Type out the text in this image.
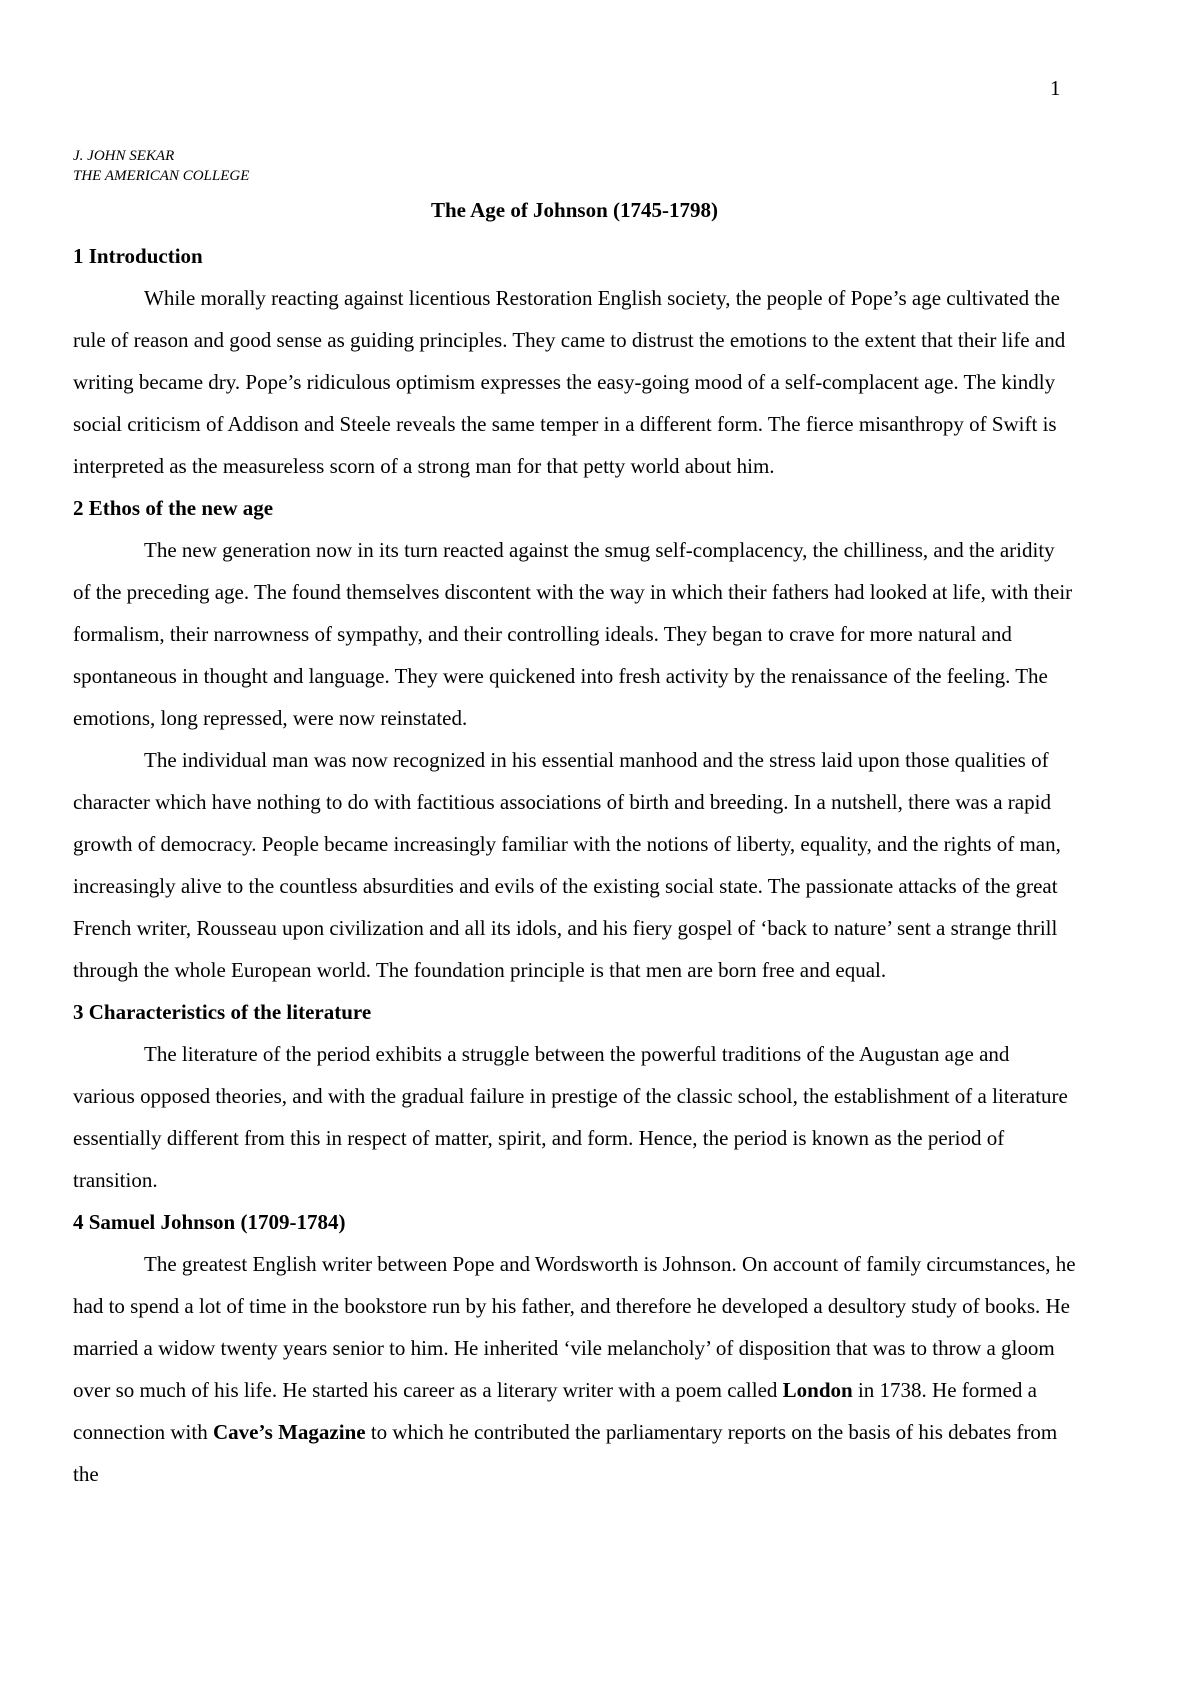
1
J. JOHN SEKAR
THE AMERICAN COLLEGE

The Age of Johnson (1745-1798)

1 Introduction

While morally reacting against licentious Restoration English society, the people of Pope’s age cultivated the rule of reason and good sense as guiding principles. They came to distrust the emotions to the extent that their life and writing became dry. Pope’s ridiculous optimism expresses the easy-going mood of a self-complacent age. The kindly social criticism of Addison and Steele reveals the same temper in a different form. The fierce misanthropy of Swift is interpreted as the measureless scorn of a strong man for that petty world about him.

2 Ethos of the new age

The new generation now in its turn reacted against the smug self-complacency, the chilliness, and the aridity of the preceding age. The found themselves discontent with the way in which their fathers had looked at life, with their formalism, their narrowness of sympathy, and their controlling ideals. They began to crave for more natural and spontaneous in thought and language. They were quickened into fresh activity by the renaissance of the feeling. The emotions, long repressed, were now reinstated.

The individual man was now recognized in his essential manhood and the stress laid upon those qualities of character which have nothing to do with factitious associations of birth and breeding. In a nutshell, there was a rapid growth of democracy. People became increasingly familiar with the notions of liberty, equality, and the rights of man, increasingly alive to the countless absurdities and evils of the existing social state. The passionate attacks of the great French writer, Rousseau upon civilization and all its idols, and his fiery gospel of ‘back to nature’ sent a strange thrill through the whole European world. The foundation principle is that men are born free and equal.

3 Characteristics of the literature

The literature of the period exhibits a struggle between the powerful traditions of the Augustan age and various opposed theories, and with the gradual failure in prestige of the classic school, the establishment of a literature essentially different from this in respect of matter, spirit, and form. Hence, the period is known as the period of transition.

4 Samuel Johnson (1709-1784)

The greatest English writer between Pope and Wordsworth is Johnson. On account of family circumstances, he had to spend a lot of time in the bookstore run by his father, and therefore he developed a desultory study of books. He married a widow twenty years senior to him. He inherited ‘vile melancholy’ of disposition that was to throw a gloom over so much of his life. He started his career as a literary writer with a poem called London in 1738. He formed a connection with Cave’s Magazine to which he contributed the parliamentary reports on the basis of his debates from the
